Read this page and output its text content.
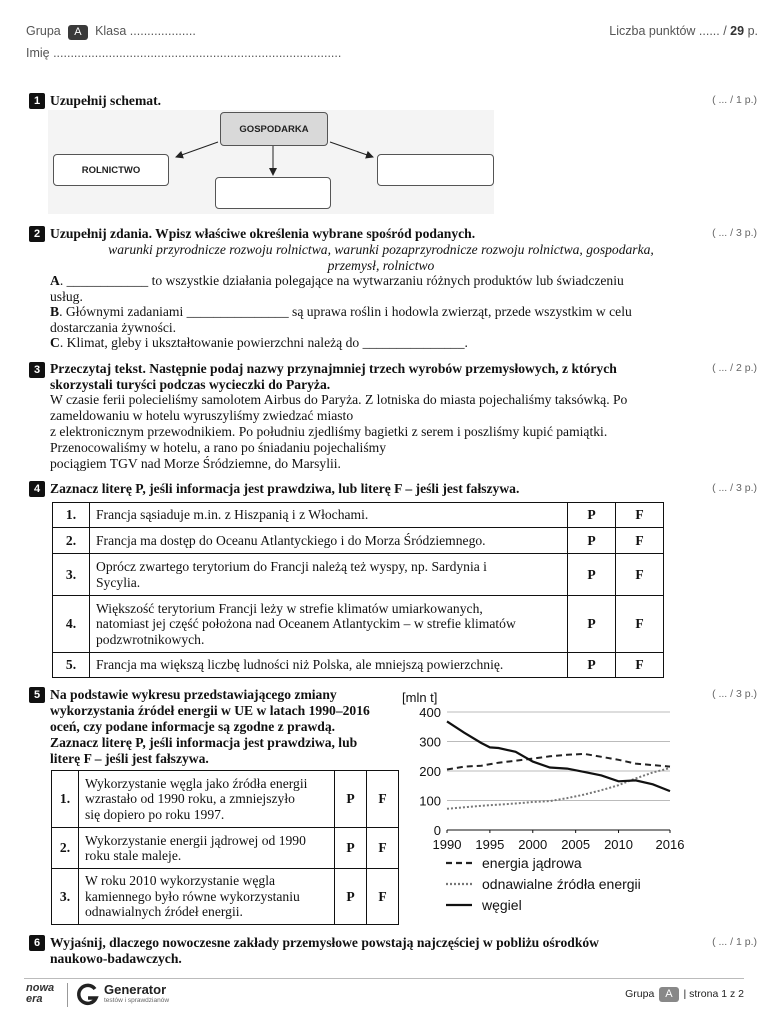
Grupa A Klasa ...................	Liczba punktów ...... / 29 p.
Imię ...................................................................................
1 Uzupełnij schemat.	( ... / 1 p.)
GOSPODARKA
ROLNICTWO
2 Uzupełnij zdania. Wpisz właściwe określenia wybrane spośród podanych.	( ... / 3 p.)
warunki przyrodnicze rozwoju rolnictwa, warunki pozaprzyrodnicze rozwoju rolnictwa, gospodarka,
przemysł, rolnictwo
A. ____________ to wszystkie działania polegające na wytwarzaniu różnych produktów lub świadczeniu
usług.
B. Głównymi zadaniami _______________ są uprawa roślin i hodowla zwierząt, przede wszystkim w celu
dostarczania żywności.
C. Klimat, gleby i ukształtowanie powierzchni należą do _______________.
3 Przeczytaj tekst. Następnie podaj nazwy przynajmniej trzech wyrobów przemysłowych, z których
skorzystali turyści podczas wycieczki do Paryża.
( ... / 2 p.)
W czasie ferii polecieliśmy samolotem Airbus do Paryża. Z lotniska do miasta pojechaliśmy taksówką. Po
zameldowaniu w hotelu wyruszyliśmy zwiedzać miasto
z elektronicznym przewodnikiem. Po południu zjedliśmy bagietki z serem i poszliśmy kupić pamiątki.
Przenocowaliśmy w hotelu, a rano po śniadaniu pojechaliśmy
pociągiem TGV nad Morze Śródziemne, do Marsylii.
4 Zaznacz literę P, jeśli informacja jest prawdziwa, lub literę F – jeśli jest fałszywa.	( ... / 3 p.)
1.	Francja sąsiaduje m.in. z Hiszpanią i z Włochami.	P	F
2.	Francja ma dostęp do Oceanu Atlantyckiego i do Morza Śródziemnego.	P	F
3.	Oprócz zwartego terytorium do Francji należą też wyspy, np. Sardynia i
Sycylia.	P	F
4.	Większość terytorium Francji leży w strefie klimatów umiarkowanych,
natomiast jej część położona nad Oceanem Atlantyckim – w strefie klimatów
podzwrotnikowych.	P	F
5.	Francja ma większą liczbę ludności niż Polska, ale mniejszą powierzchnię.	P	F
5 Na podstawie wykresu przedstawiającego zmiany
wykorzystania źródeł energii w UE w latach 1990–2016
oceń, czy podane informacje są zgodne z prawdą.
Zaznacz literę P, jeśli informacja jest prawdziwa, lub
literę F – jeśli jest fałszywa.
( ... / 3 p.)
1.	Wykorzystanie węgla jako źródła energii
wzrastało od 1990 roku, a zmniejszyło
się dopiero po roku 1997.	P	F
2.	Wykorzystanie energii jądrowej od 1990
roku stale maleje.	P	F
3.	W roku 2010 wykorzystanie węgla
kamiennego było równe wykorzystaniu
odnawialnych źródeł energii.	P	F
[mln t]
0
100
200
300
400
1990 1995 2000 2005 2010 2016
energia jądrowa
odnawialne źródła energii
węgiel
6 Wyjaśnij, dlaczego nowoczesne zakłady przemysłowe powstają najczęściej w pobliżu ośrodków
naukowo-badawczych.
( ... / 1 p.)
nowa
era
Generator
testów i sprawdzianów
Grupa A | strona 1 z 2
